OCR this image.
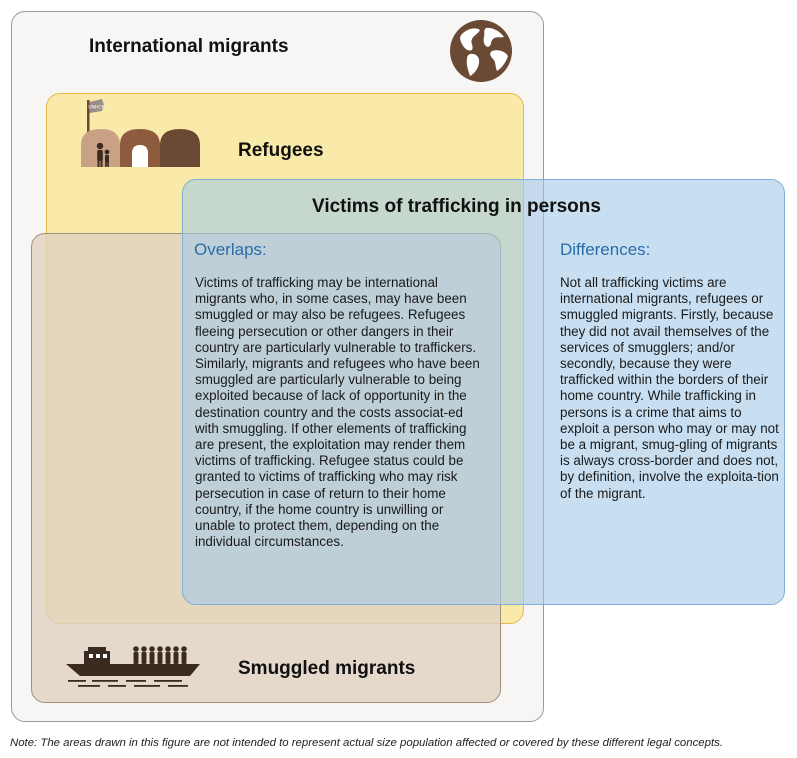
International migrants
Refugees
Smuggled migrants
Victims of trafficking in persons
Overlaps:

Victims of trafficking may be international migrants who, in some cases, may have been smuggled or may also be refugees. Refugees fleeing persecution or other dangers in their country are particularly vulnerable to traffickers. Similarly, migrants and refugees who have been smuggled are particularly vulnerable to being exploited because of lack of opportunity in the destination country and the costs associat-ed with smuggling. If other elements of trafficking are present, the exploitation may render them victims of trafficking. Refugee status could be granted to victims of trafficking who may risk persecution in case of return to their home country, if the home country is unwilling or unable to protect them, depending on the individual circumstances.

Differences:

Not all trafficking victims are international migrants, refugees or smuggled migrants. Firstly, because they did not avail themselves of the services of smugglers; and/or secondly, because they were trafficked within the borders of their home country. While trafficking in persons is a crime that aims to exploit a person who may or may not be a migrant, smug-gling of migrants is always cross-border and does not, by definition, involve the exploita-tion of the migrant.

Note: The areas drawn in this figure are not intended to represent actual size population affected or covered by these different legal concepts.
UNHCR
